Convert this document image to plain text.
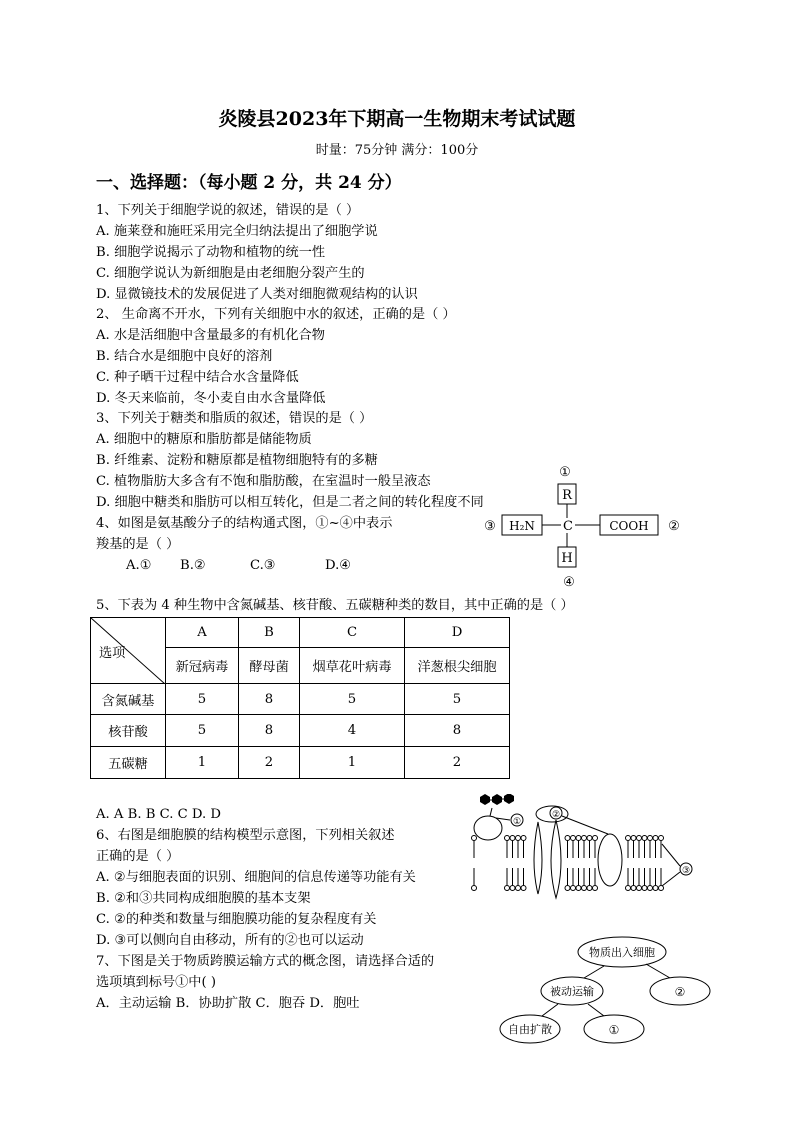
炎陵县2023年下期高一生物期末考试试题
时量：75分钟 满分：100分
一、选择题：（每小题 2 分，共 24 分）
1、下列关于细胞学说的叙述，错误的是（ ）
A. 施莱登和施旺采用完全归纳法提出了细胞学说
B. 细胞学说揭示了动物和植物的统一性
C. 细胞学说认为新细胞是由老细胞分裂产生的
D. 显微镜技术的发展促进了人类对细胞微观结构的认识
2、 生命离不开水，下列有关细胞中水的叙述，正确的是（ ）
A. 水是活细胞中含量最多的有机化合物
B. 结合水是细胞中良好的溶剂
C. 种子晒干过程中结合水含量降低
D. 冬天来临前，冬小麦自由水含量降低
3、下列关于糖类和脂质的叙述，错误的是（ ）
A. 细胞中的糖原和脂肪都是储能物质
B. 纤维素、淀粉和糖原都是植物细胞特有的多糖
C. 植物脂肪大多含有不饱和脂肪酸，在室温时一般呈液态
D. 细胞中糖类和脂肪可以相互转化，但是二者之间的转化程度不同
4、如图是氨基酸分子的结构通式图，①~④中表示
羧基的是（ ）
A.① B.②	C.③	D.④
①
R
③ H₂N C	COOH ②
H
④
5、下表为 4 种生物中含氮碱基、核苷酸、五碳糖种类的数目，其中正确的是（ ）
选项	A	B	C	D
	新冠病毒	酵母菌	烟草花叶病毒	洋葱根尖细胞
含氮碱基	5	8	5	5
核苷酸	5	8	4	8
五碳糖	1	2	1	2
A. A B. B C. C D. D
6、右图是细胞膜的结构模型示意图，下列相关叙述
正确的是（ ）
A. ②与细胞表面的识别、细胞间的信息传递等功能有关
B. ②和③共同构成细胞膜的基本支架
C. ②的种类和数量与细胞膜功能的复杂程度有关
D. ③可以侧向自由移动，所有的②也可以运动
①
②
③
7、下图是关于物质跨膜运输方式的概念图，请选择合适的
选项填到标号①中( )
A．主动运输 B．协助扩散 C．胞吞 D．胞吐
物质出入细胞
被动运输	②
自由扩散	①
